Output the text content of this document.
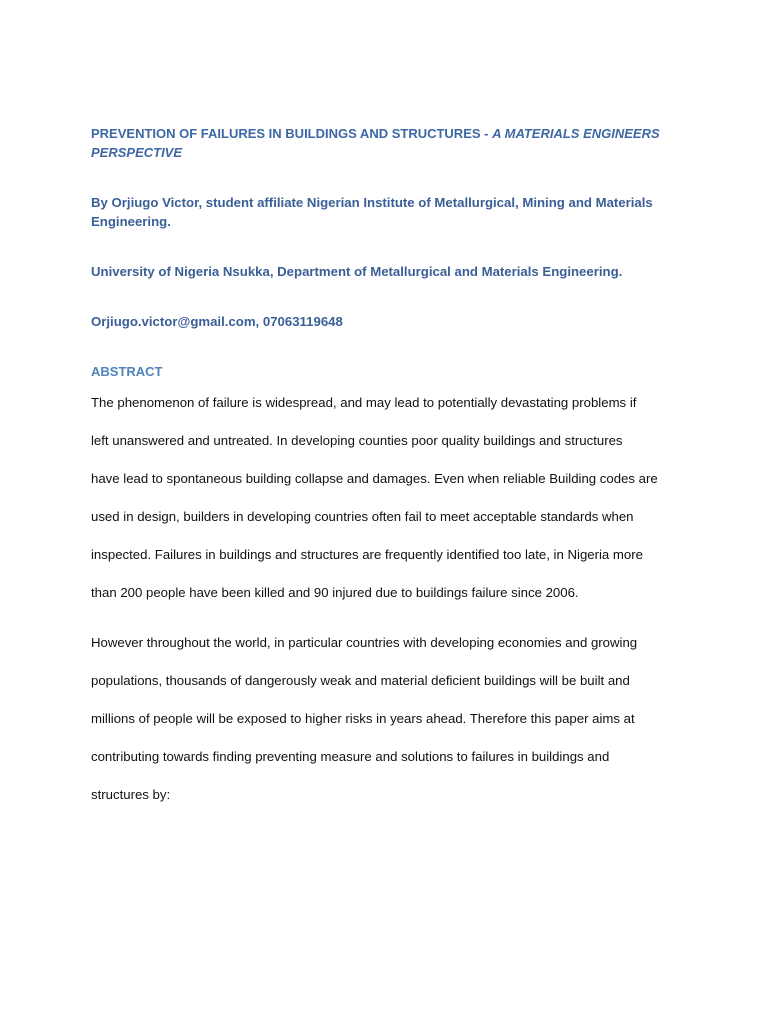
PREVENTION OF FAILURES IN BUILDINGS AND STRUCTURES - A MATERIALS ENGINEERS
PERSPECTIVE

By Orjiugo Victor, student affiliate Nigerian Institute of Metallurgical, Mining and Materials
Engineering.

University of Nigeria Nsukka, Department of Metallurgical and Materials Engineering.

Orjiugo.victor@gmail.com, 07063119648

ABSTRACT
The phenomenon of failure is widespread, and may lead to potentially devastating problems if
left unanswered and untreated. In developing counties poor quality buildings and structures
have lead to spontaneous building collapse and damages. Even when reliable Building codes are
used in design, builders in developing countries often fail to meet acceptable standards when
inspected. Failures in buildings and structures are frequently identified too late, in Nigeria more
than 200 people have been killed and 90 injured due to buildings failure since 2006.
However throughout the world, in particular countries with developing economies and growing
populations, thousands of dangerously weak and material deficient buildings will be built and
millions of people will be exposed to higher risks in years ahead. Therefore this paper aims at
contributing towards finding preventing measure and solutions to failures in buildings and
structures by:
